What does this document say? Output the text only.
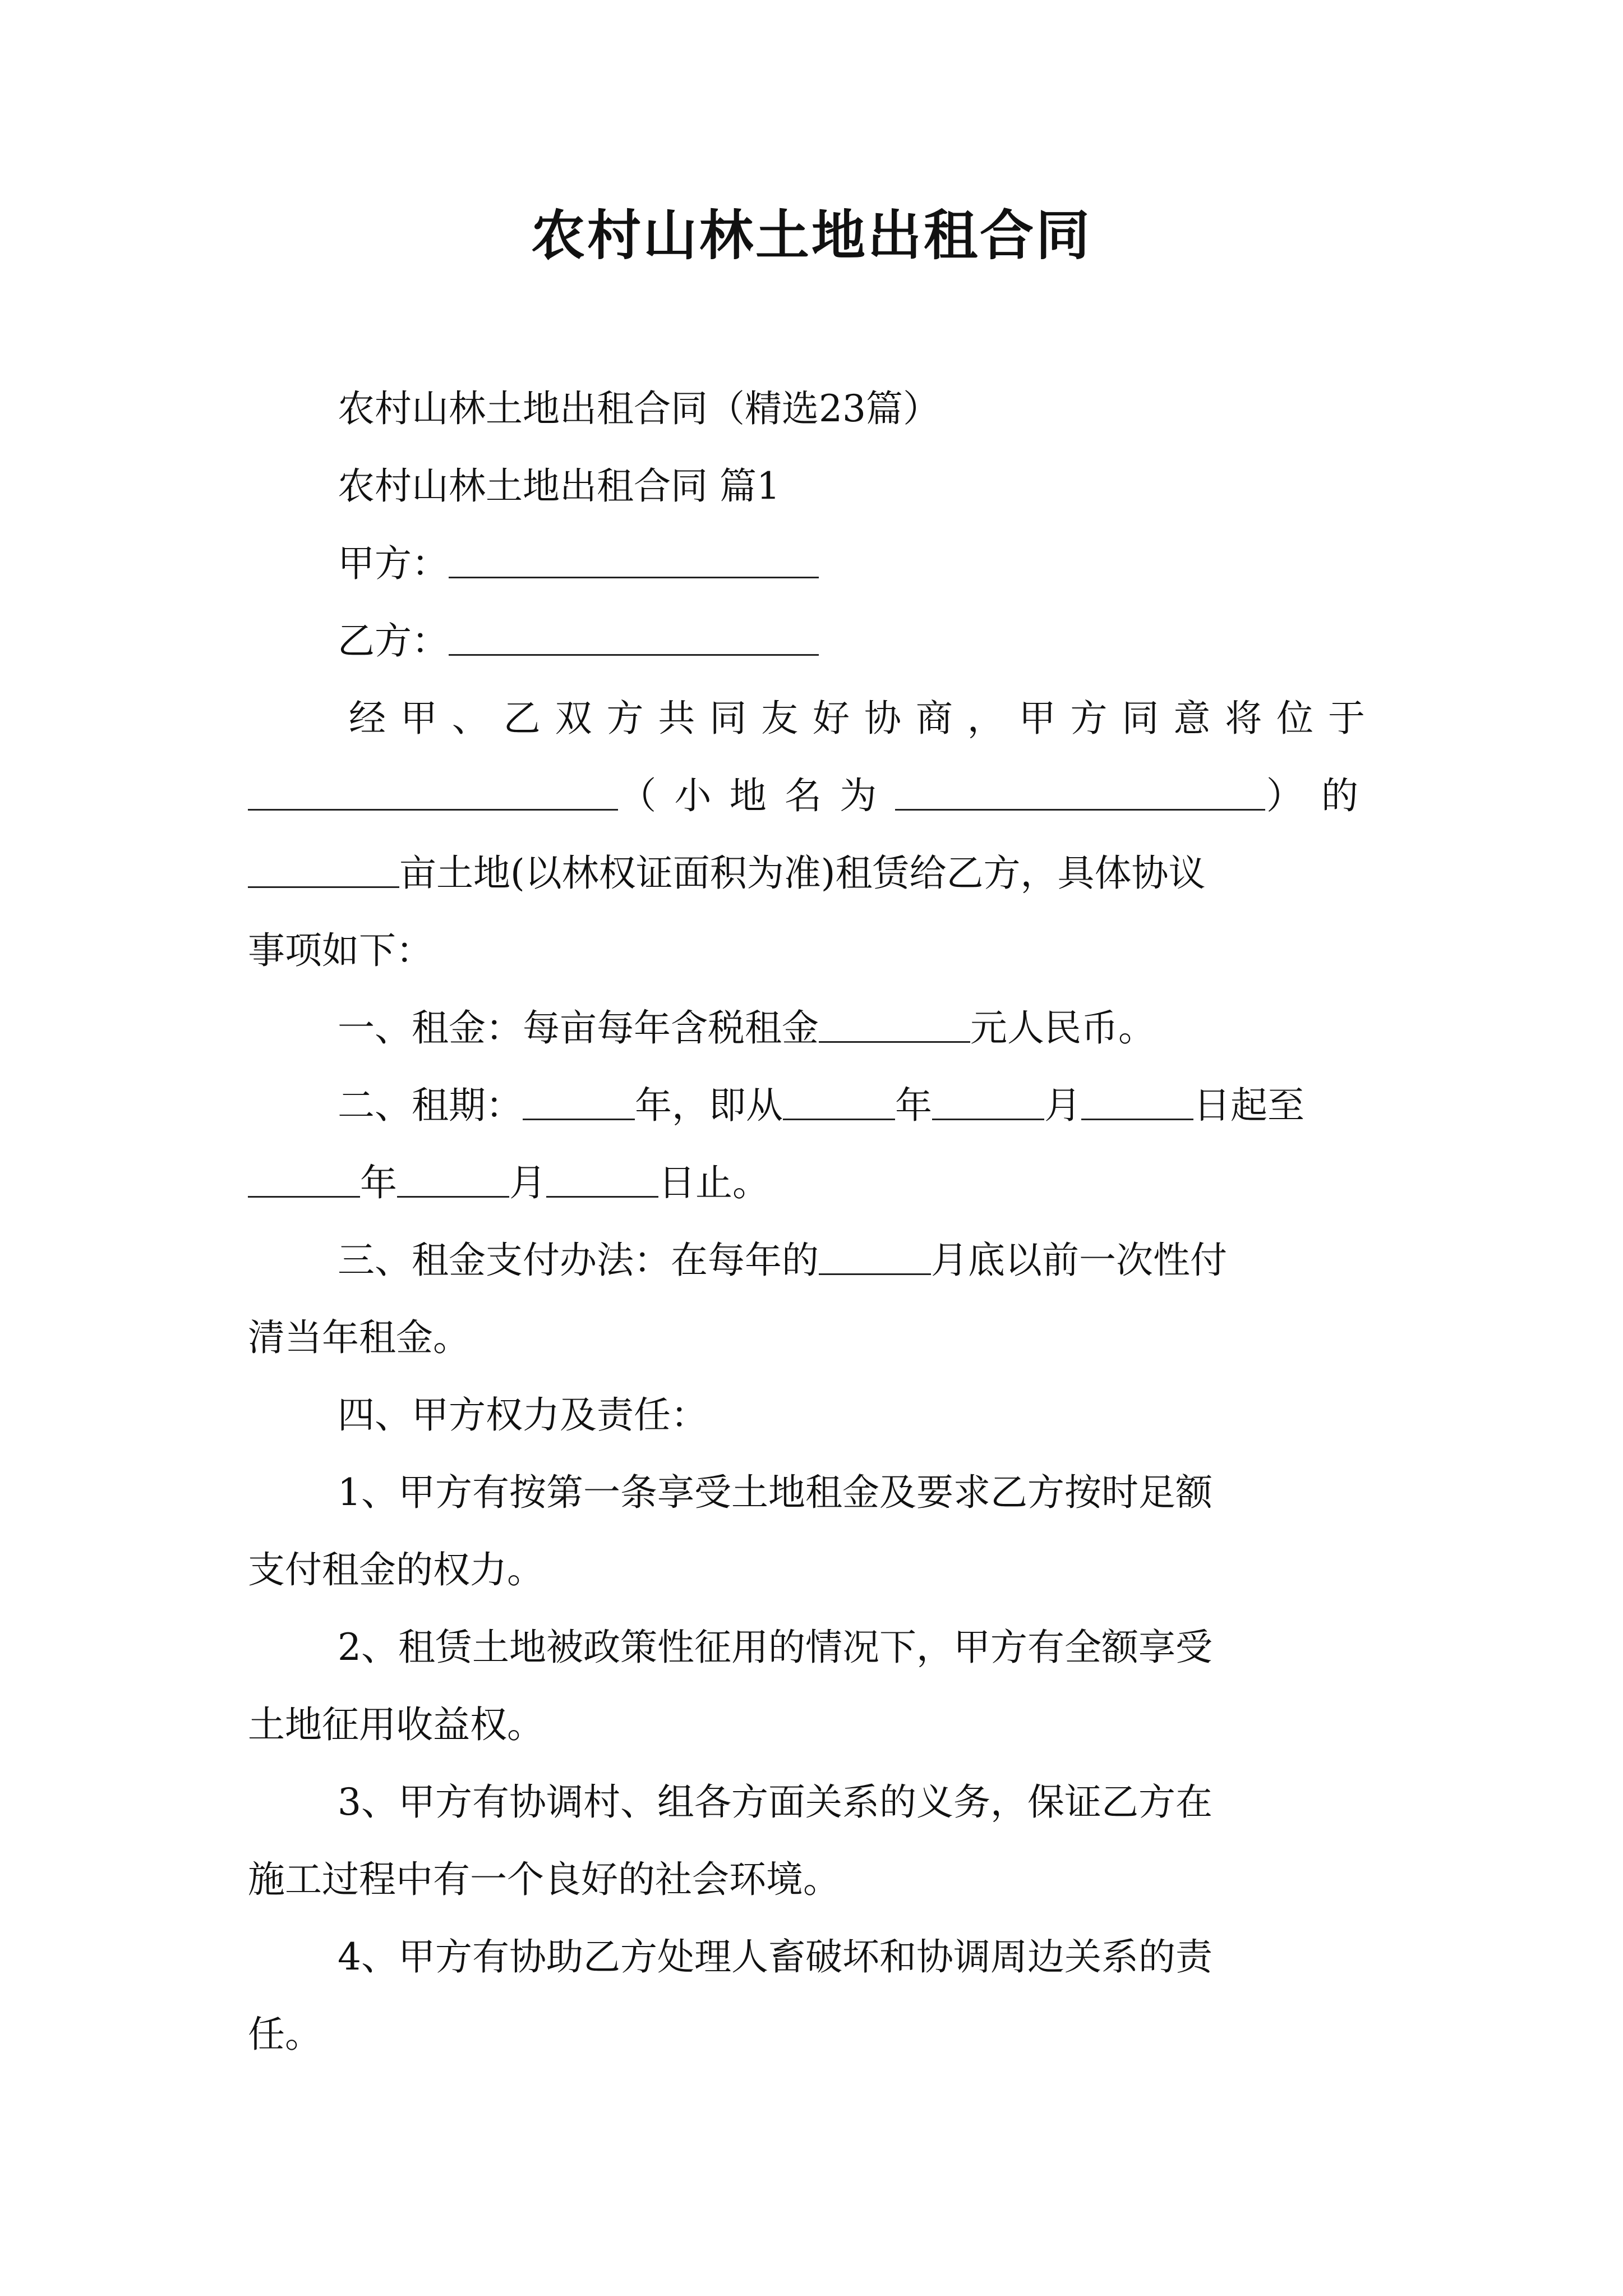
农村山林土地出租合同
农村山林土地出租合同（精选23篇）
农村山林土地出租合同 篇1
甲方：
乙方：
经甲、乙双方共同友好协商，甲方同意将位于
（小地名为	）的
亩土地(以林权证面积为准)租赁给乙方，具体协议
事项如下：
一、租金：每亩每年含税租金	元人民币。
二、租期：	年，即从	年	月	日起至
年	月	日止。
三、租金支付办法：在每年的	月底以前一次性付
清当年租金。
四、甲方权力及责任：
1、甲方有按第一条享受土地租金及要求乙方按时足额
支付租金的权力。
2、租赁土地被政策性征用的情况下，甲方有全额享受
土地征用收益权。
3、甲方有协调村、组各方面关系的义务，保证乙方在
施工过程中有一个良好的社会环境。
4、甲方有协助乙方处理人畜破坏和协调周边关系的责
任。
